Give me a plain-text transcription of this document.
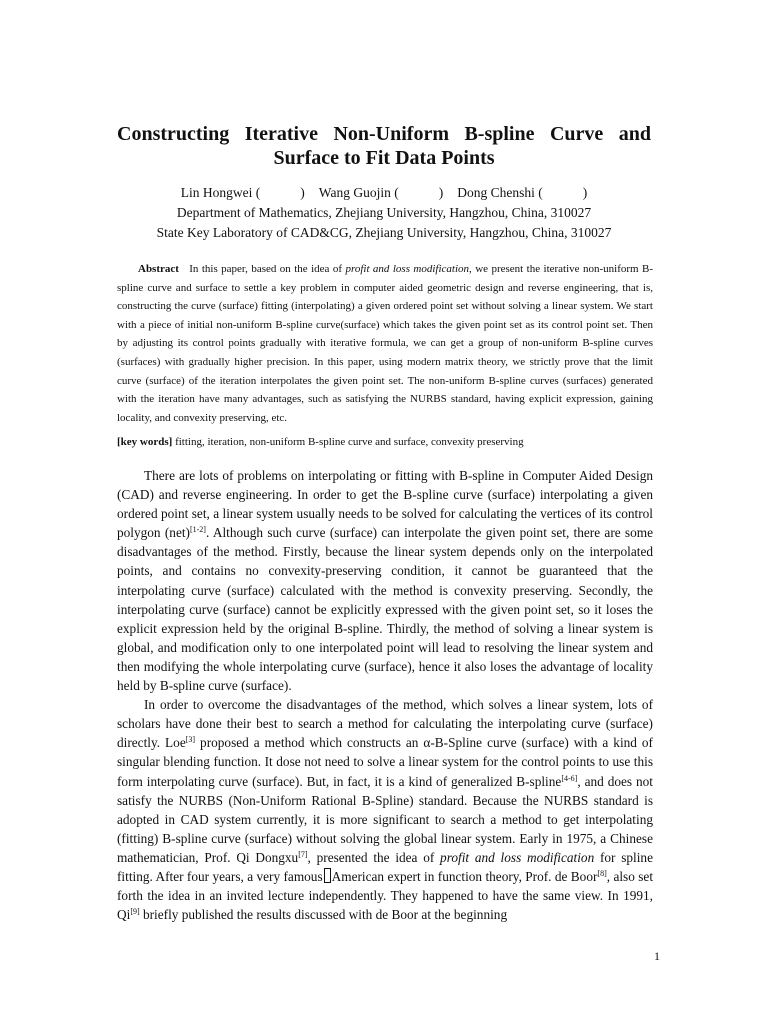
Constructing Iterative Non-Uniform B-spline Curve and
Surface to Fit Data Points
Lin Hongwei (	) Wang Guojin (	) Dong Chenshi (	)
Department of Mathematics, Zhejiang University, Hangzhou, China, 310027
State Key Laboratory of CAD&CG, Zhejiang University, Hangzhou, China, 310027

Abstract In this paper, based on the idea of profit and loss modification, we present the iterative non-uniform B-spline curve and surface to settle a key problem in computer aided geometric design and reverse engineering, that is, constructing the curve (surface) fitting (interpolating) a given ordered point set without solving a linear system. We start with a piece of initial non-uniform B-spline curve(surface) which takes the given point set as its control point set. Then by adjusting its control points gradually with iterative formula, we can get a group of non-uniform B-spline curves (surfaces) with gradually higher precision. In this paper, using modern matrix theory, we strictly prove that the limit curve (surface) of the iteration interpolates the given point set. The non-uniform B-spline curves (surfaces) generated with the iteration have many advantages, such as satisfying the NURBS standard, having explicit expression, gaining locality, and convexity preserving, etc.

[key words] fitting, iteration, non-uniform B-spline curve and surface, convexity preserving

There are lots of problems on interpolating or fitting with B-spline in Computer Aided Design (CAD) and reverse engineering. In order to get the B-spline curve (surface) interpolating a given ordered point set, a linear system usually needs to be solved for calculating the vertices of its control polygon (net)[1-2]. Although such curve (surface) can interpolate the given point set, there are some disadvantages of the method. Firstly, because the linear system depends only on the interpolated points, and contains no convexity-preserving condition, it cannot be guaranteed that the interpolating curve (surface) calculated with the method is convexity preserving. Secondly, the interpolating curve (surface) cannot be explicitly expressed with the given point set, so it loses the explicit expression held by the original B-spline. Thirdly, the method of solving a linear system is global, and modification only to one interpolated point will lead to resolving the linear system and then modifying the whole interpolating curve (surface), hence it also loses the advantage of locality held by B-spline curve (surface).

In order to overcome the disadvantages of the method, which solves a linear system, lots of scholars have done their best to search a method for calculating the interpolating curve (surface) directly. Loe[3] proposed a method which constructs an α-B-Spline curve (surface) with a kind of singular blending function. It dose not need to solve a linear system for the control points to use this form interpolating curve (surface). But, in fact, it is a kind of generalized B-spline[4-6], and does not satisfy the NURBS (Non-Uniform Rational B-Spline) standard. Because the NURBS standard is adopted in CAD system currently, it is more significant to search a method to get interpolating (fitting) B-spline curve (surface) without solving the global linear system. Early in 1975, a Chinese mathematician, Prof. Qi Dongxu[7], presented the idea of profit and loss modification for spline fitting. After four years, a very famous American expert in function theory, Prof. de Boor[8], also set forth the idea in an invited lecture independently. They happened to have the same view. In 1991, Qi[9] briefly published the results discussed with de Boor at the beginning

1
